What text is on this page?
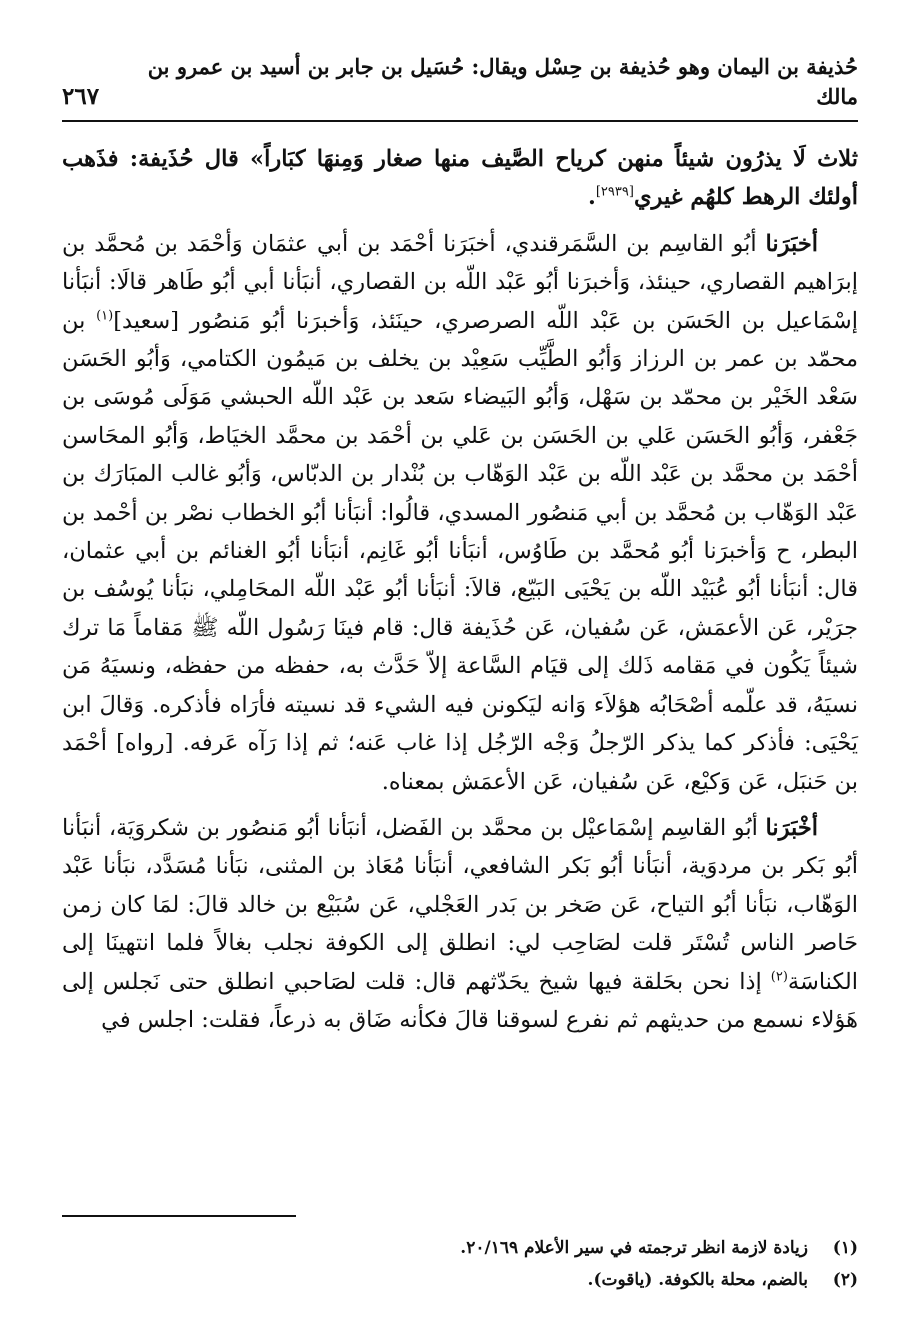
حُذيفة بن اليمان وهو حُذيفة بن حِسْل ويقال: حُسَيل بن جابر بن أسيد بن عمرو بن مالك
٢٦٧

ثلاث لَا يذرُون شيئاً منهن كرياح الصَّيف منها صغار وَمِنهَا كبَاراً» قال حُذَيفة: فذَهب أولئك الرهط كلهُم غيري[٢٩٣٩].

أخبَرَنا أبُو القاسِم بن السَّمَرقندي، أخبَرَنا أحْمَد بن أبي عثمَان وَأحْمَد بن مُحمَّد بن إبرَاهيم القصاري، حينئذ، وَأخبرَنا أبُو عَبْد اللّه بن القصاري، أنبَأنا أبي أبُو طَاهر قالَا: أنبَأنا إسْمَاعيل بن الحَسَن بن عَبْد اللّه الصرصري، حينَئذ، وَأخبرَنا أبُو مَنصُور [سعيد]$^{(١)}$ بن محمّد بن عمر بن الرزاز وَأبُو الطَّيِّب سَعِيْد بن يخلف بن مَيمُون الكتامي، وَأبُو الحَسَن سَعْد الخَيْر بن محمّد بن سَهْل، وَأبُو البَيضاء سَعد بن عَبْد اللّه الحبشي مَوَلَى مُوسَى بن جَعْفر، وَأبُو الحَسَن عَلي بن الحَسَن بن عَلي بن أحْمَد بن محمَّد الخيَاط، وَأبُو المحَاسن أحْمَد بن محمَّد بن عَبْد اللّه بن عَبْد الوَهّاب بن بُنْدار بن الدبّاس، وَأبُو غالب المبَارَك بن عَبْد الوَهّاب بن مُحمَّد بن أبي مَنصُور المسدي، قالُوا: أنبَأنا أبُو الخطاب نصْر بن أحْمد بن البطر، ح وَأخبرَنا أبُو مُحمَّد بن طَاوُس، أنبَأنا أبُو غَانِم، أنبَأنا أبُو الغنائم بن أبي عثمان، قال: أنبَأنا أبُو عُبَيْد اللّه بن يَحْيَى البَيّع، قالاَ: أنبَأنا أبُو عَبْد اللّه المحَامِلي، نبَأنا يُوسُف بن جرَيْر، عَن الأعمَش، عَن سُفيان، عَن حُذَيفة قال: قام فينَا رَسُول اللّه ﷺ مَقاماً مَا ترك شيئاً يَكُون في مَقامه ذَلك إلى قيَام السَّاعة إلاّ حَدَّث به، حفظه من حفظه، ونسيَهُ مَن نسيَهُ، قد علّمه أصْحَابُه هؤلاَء وَانه ليَكونن فيه الشيء قد نسيته فأرَاه فأذكره. وَقالَ ابن يَحْيَى: فأذكر كما يذكر الرّجلُ وَجْه الرّجُل إذا غاب عَنه؛ ثم إذا رَآه عَرفه. [رواه] أحْمَد بن حَنبَل، عَن وَكيْع، عَن سُفيان، عَن الأعمَش بمعناه.

أخْبَرَنا أبُو القاسِم إسْمَاعيْل بن محمَّد بن الفَضل، أنبَأنا أبُو مَنصُور بن شكروَيَة، أنبَأنا أبُو بَكر بن مردوَية، أنبَأنا أبُو بَكر الشافعي، أنبَأنا مُعَاذ بن المثنى، نبَأنا مُسَدَّد، نبَأنا عَبْد الوَهّاب، نبَأنا أبُو التياح، عَن صَخر بن بَدر العَجْلي، عَن سُبَيْع بن خالد قالَ: لمَا كان زمن حَاصر الناس تُسْتَر قلت لصَاحِب لي: انطلق إلى الكوفة نجلب بغالاً فلما انتهينَا إلى الكناسَة$^{(٢)}$ إذا نحن بحَلقة فيها شيخ يحَدّثهم قال: قلت لصَاحبي انطلق حتى نَجلس إلى هَؤلاء نسمع من حديثهم ثم نفرع لسوقنا قالَ فكأنه ضَاق به ذرعاً، فقلت: اجلس في

(١)
زيادة لازمة انظر ترجمته في سير الأعلام ٢٠/١٦٩.
(٢)
بالضم، محلة بالكوفة. (ياقوت).
